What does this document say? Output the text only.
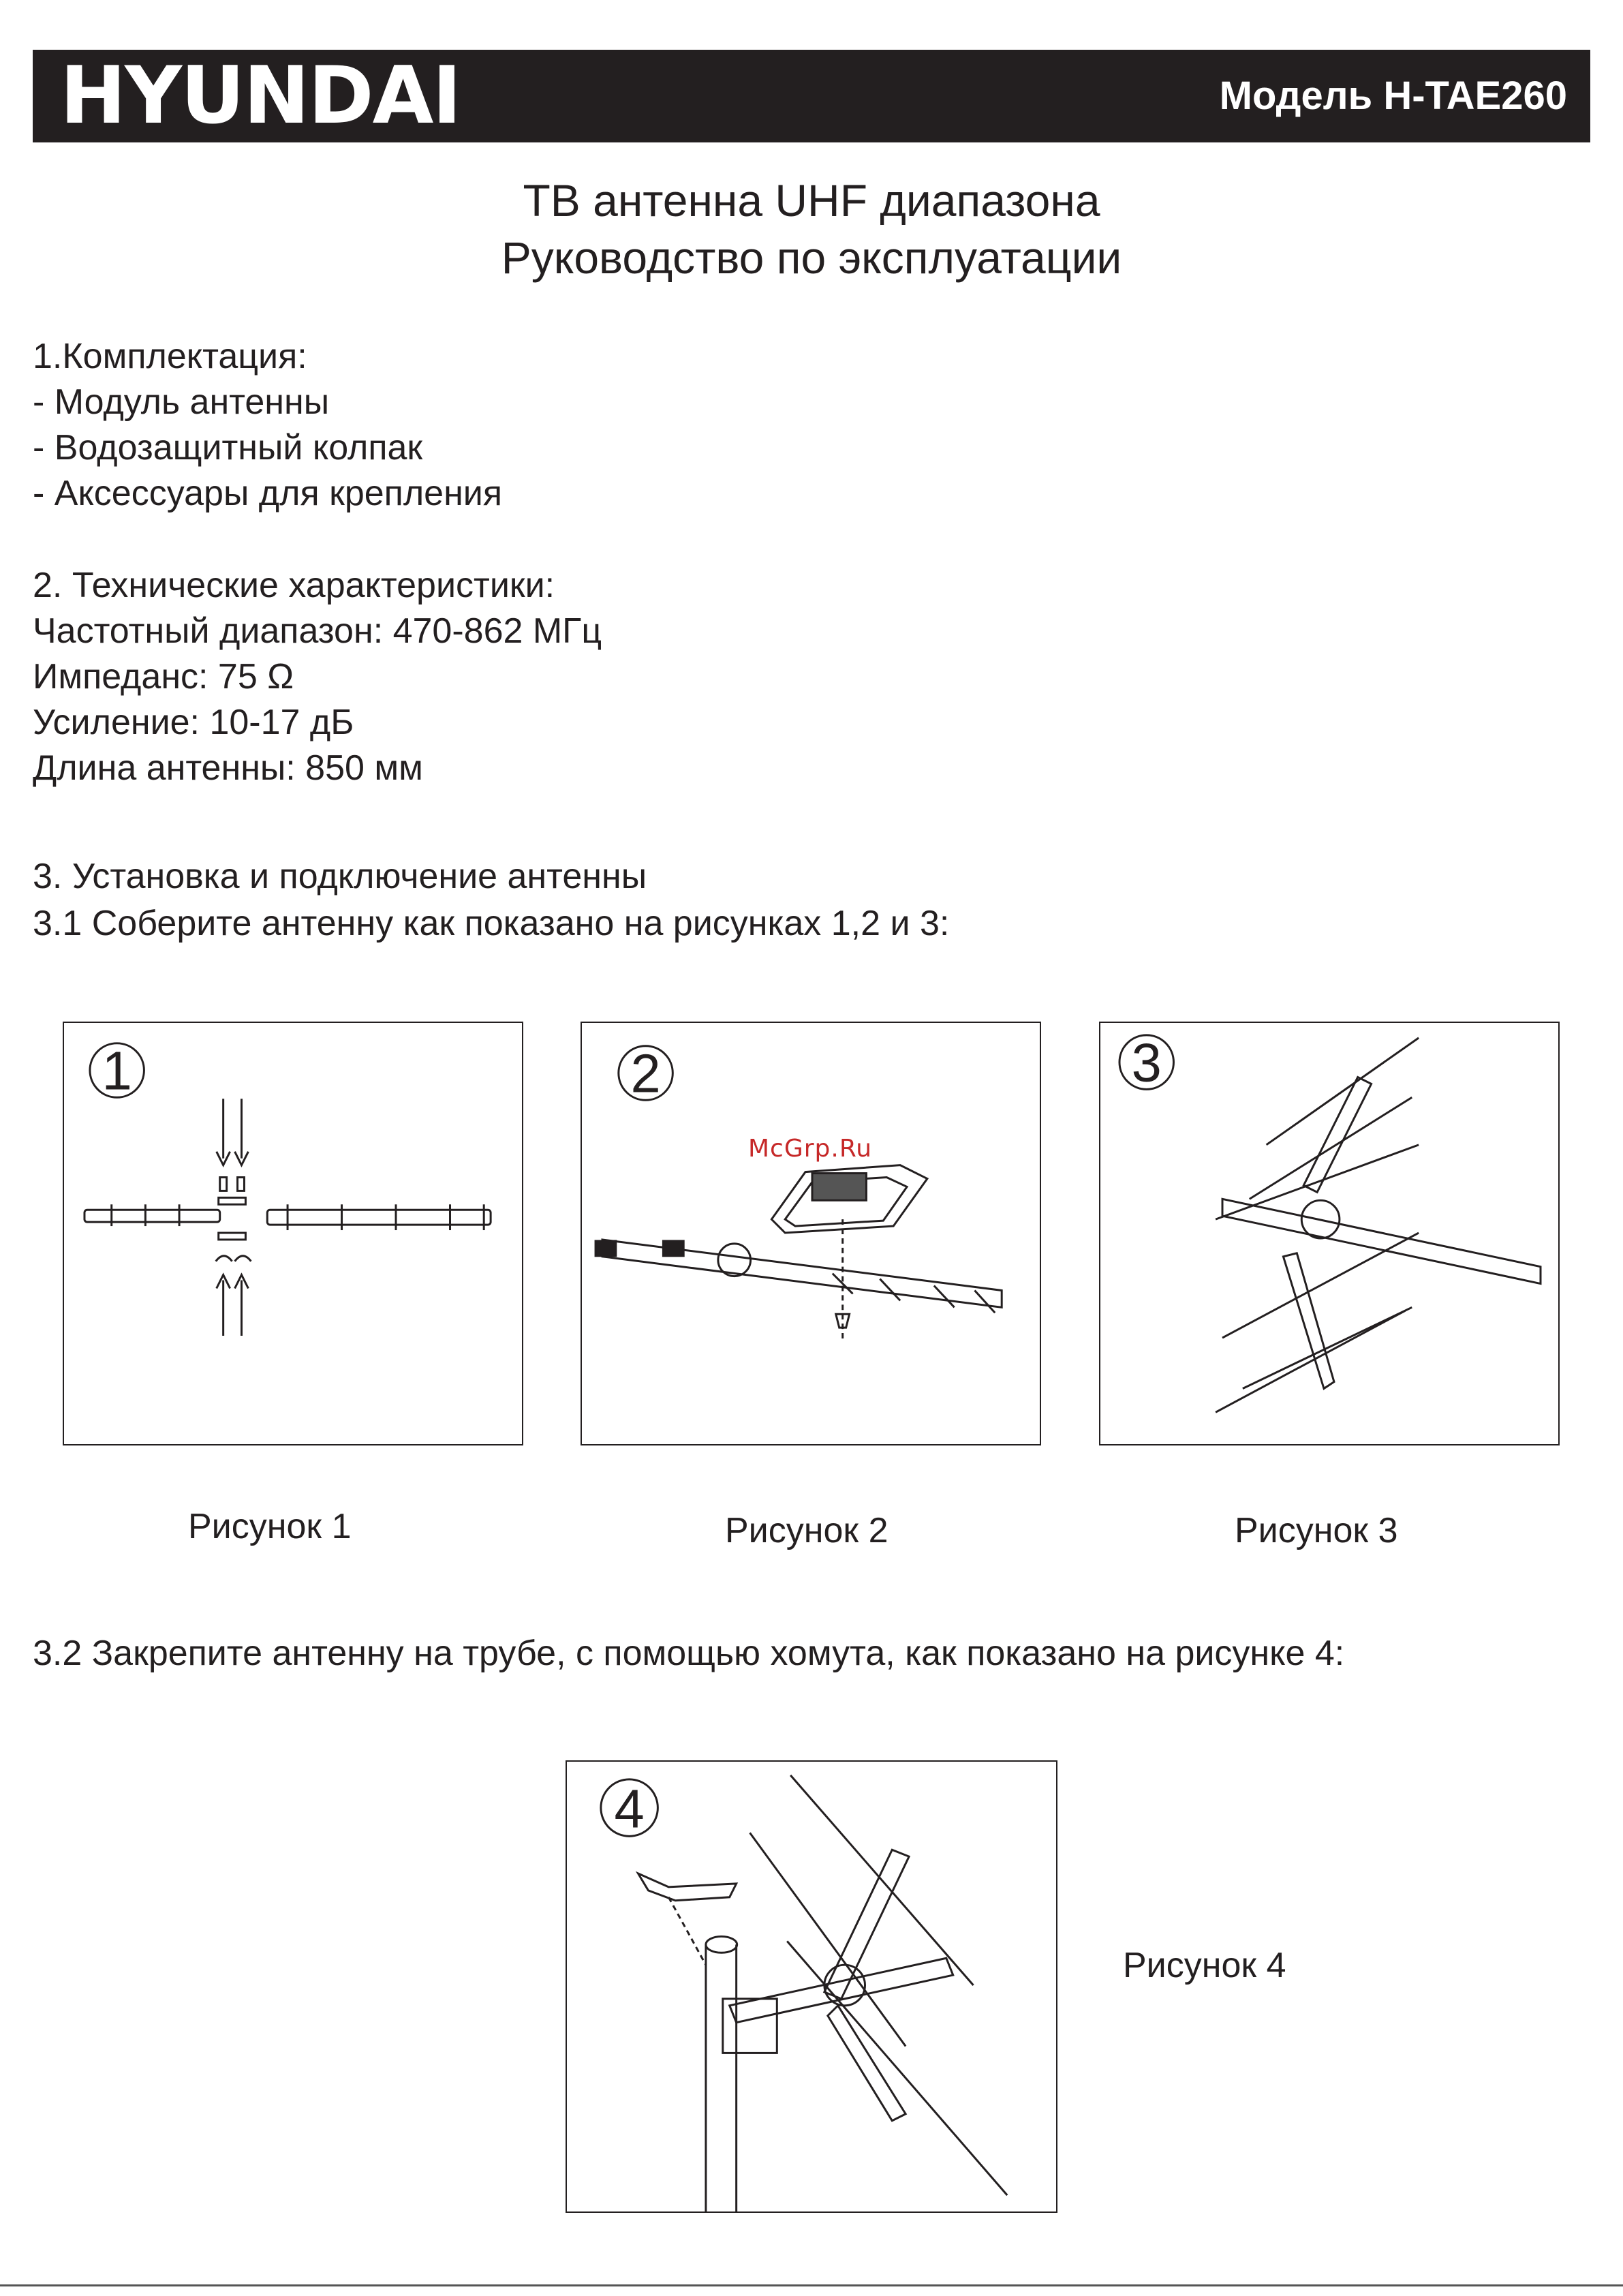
HYUNDAI	Модель H-TAE260
ТВ антенна UHF диапазона
Руководство по эксплуатации
1.Комплектация:
- Модуль антенны
- Водозащитный колпак
- Аксессуары для крепления
2. Технические характеристики:
Частотный диапазон: 470-862 МГц
Импеданс: 75 Ω
Усиление: 10-17 дБ
Длина антенны: 850 мм
3. Установка и подключение антенны
3.1 Соберите антенну как показано на рисунках 1,2 и 3:
1	2
McGrp.Ru
3
Рисунок 1	Рисунок 2	Рисунок 3
3.2 Закрепите антенну на трубе, с помощью хомута, как показано на рисунке 4:
4
Рисунок 4
